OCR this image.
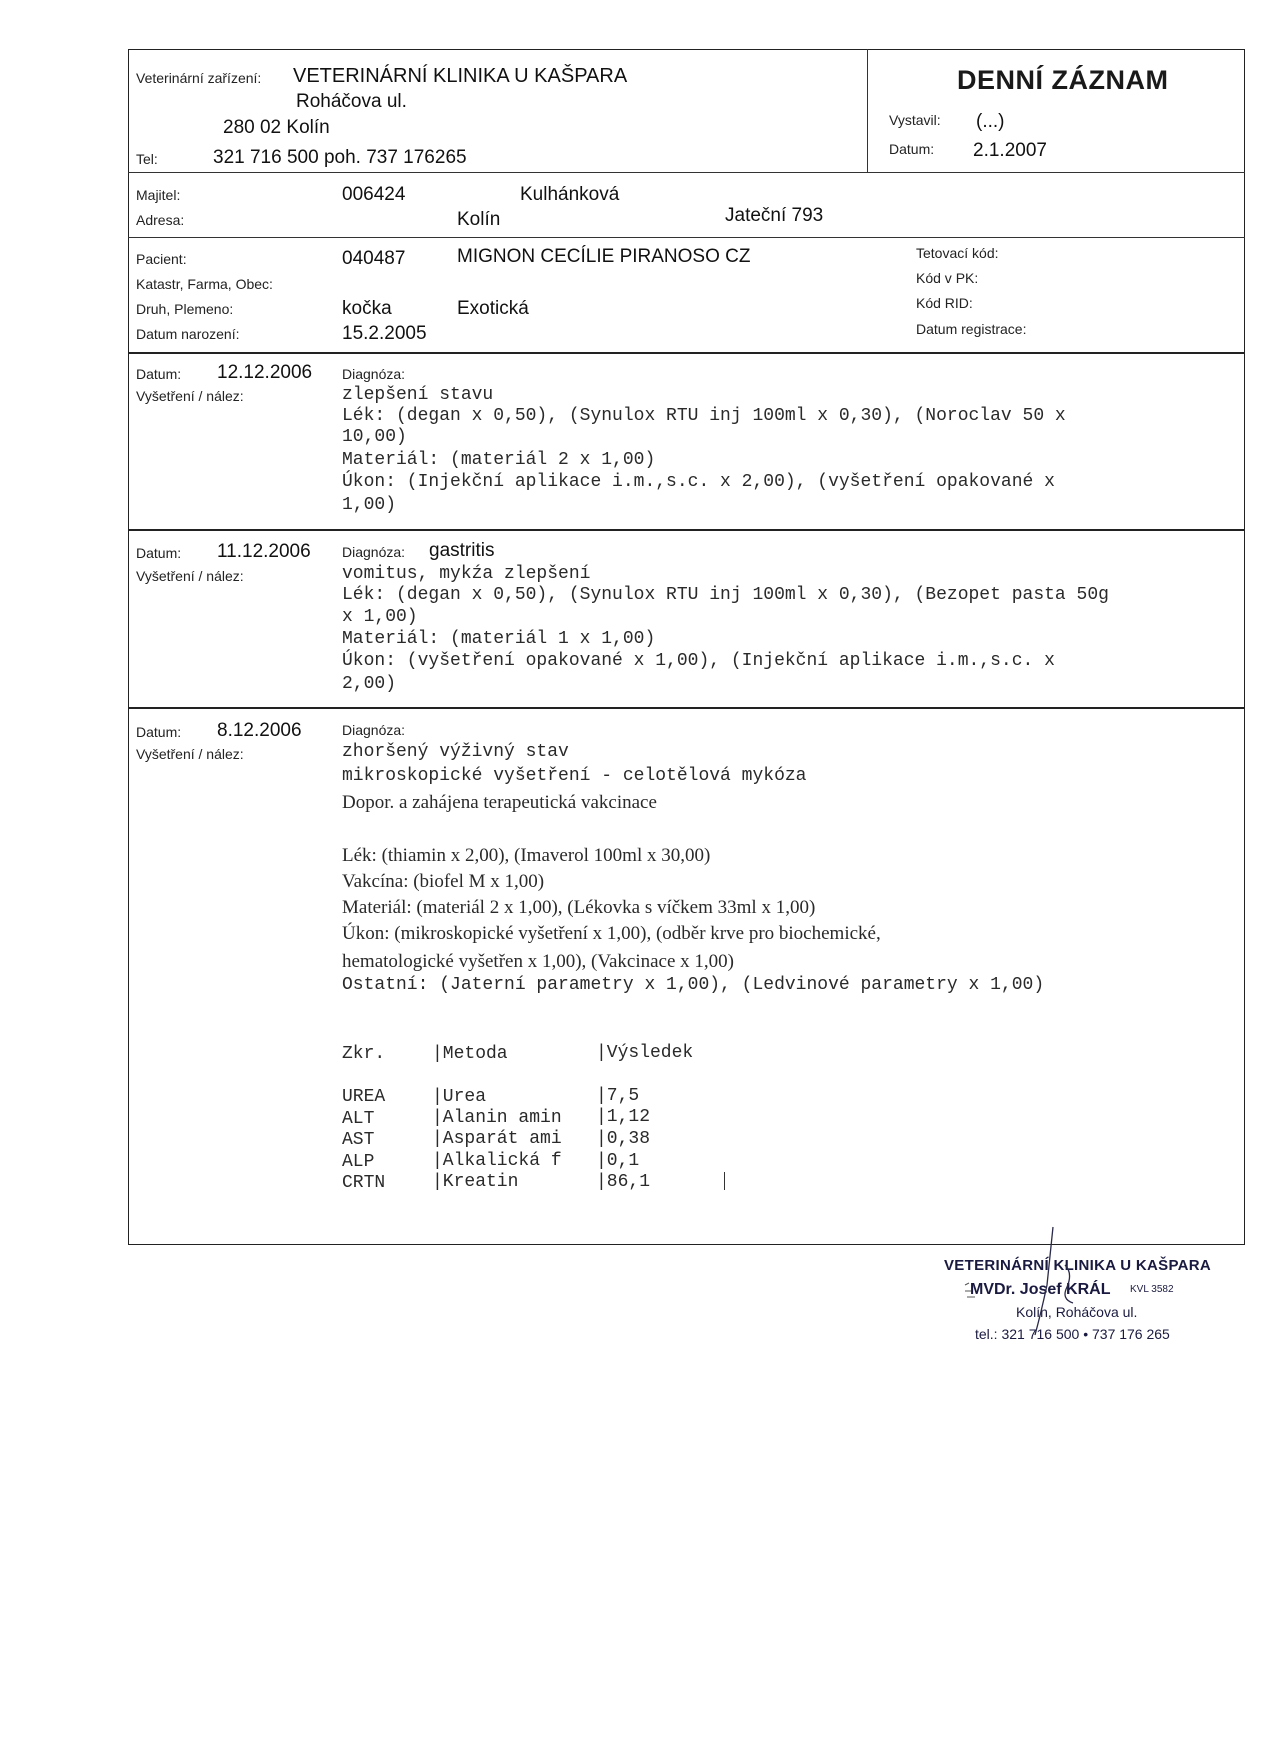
Veterinární zařízení: VETERINÁRNÍ KLINIKA U KAŠPARA
Roháčova ul.
280 02 Kolín
Tel:	321 716 500 poh. 737 176265
DENNÍ ZÁZNAM
Vystavil: (...)
Datum: 2.1.2007
Majitel:	006424	Kulhánková
Adresa:	Kolín	Jateční 793
Pacient:	040487	MIGNON CECÍLIE PIRANOSO CZ
Katastr, Farma, Obec:
Druh, Plemeno:	kočka	Exotická
Datum narození:	15.2.2005
Tetovací kód:
Kód v PK:
Kód RID:
Datum registrace:
Datum: 12.12.2006
Vyšetření / nález:
Diagnóza:
zlepšení stavu
Lék: (degan x 0,50), (Synulox RTU inj 100ml x 0,30), (Noroclav 50 x
10,00)
Materiál: (materiál 2 x 1,00)
Úkon: (Injekční aplikace i.m.,s.c. x 2,00), (vyšetření opakované x
1,00)
Datum: 11.12.2006
Vyšetření / nález:
Diagnóza: gastritis
vomitus, mykźa zlepšení
Lék: (degan x 0,50), (Synulox RTU inj 100ml x 0,30), (Bezopet pasta 50g
x 1,00)
Materiál: (materiál 1 x 1,00)
Úkon: (vyšetření opakované x 1,00), (Injekční aplikace i.m.,s.c. x
2,00)
Datum: 8.12.2006
Vyšetření / nález:
Diagnóza:
zhoršený výživný stav
mikroskopické vyšetření - celotělová mykóza
Dopor. a zahájena terapeutická vakcinace
Lék: (thiamin x 2,00), (Imaverol 100ml x 30,00)
Vakcína: (biofel M x 1,00)
Materiál: (materiál 2 x 1,00), (Lékovka s víčkem 33ml x 1,00)
Úkon: (mikroskopické vyšetření x 1,00), (odběr krve pro biochemické,
hematologické vyšetřen x 1,00), (Vakcinace x 1,00)
Ostatní: (Jaterní parametry x 1,00), (Ledvinové parametry x 1,00)
Zkr.	|Metoda	|Výsledek
UREA	|Urea	|7,5
ALT	|Alanin amin |1,12
AST	|Asparát ami |0,38
ALP	|Alkalická f |0,1
CRTN	|Kreatin	|86,1
VETERINÁRNÍ KLINIKA U KAŠPARA
MVDr. Josef KRÁL KVL 3582
Kolín, Roháčova ul.
tel.: 321 716 500 • 737 176 265
